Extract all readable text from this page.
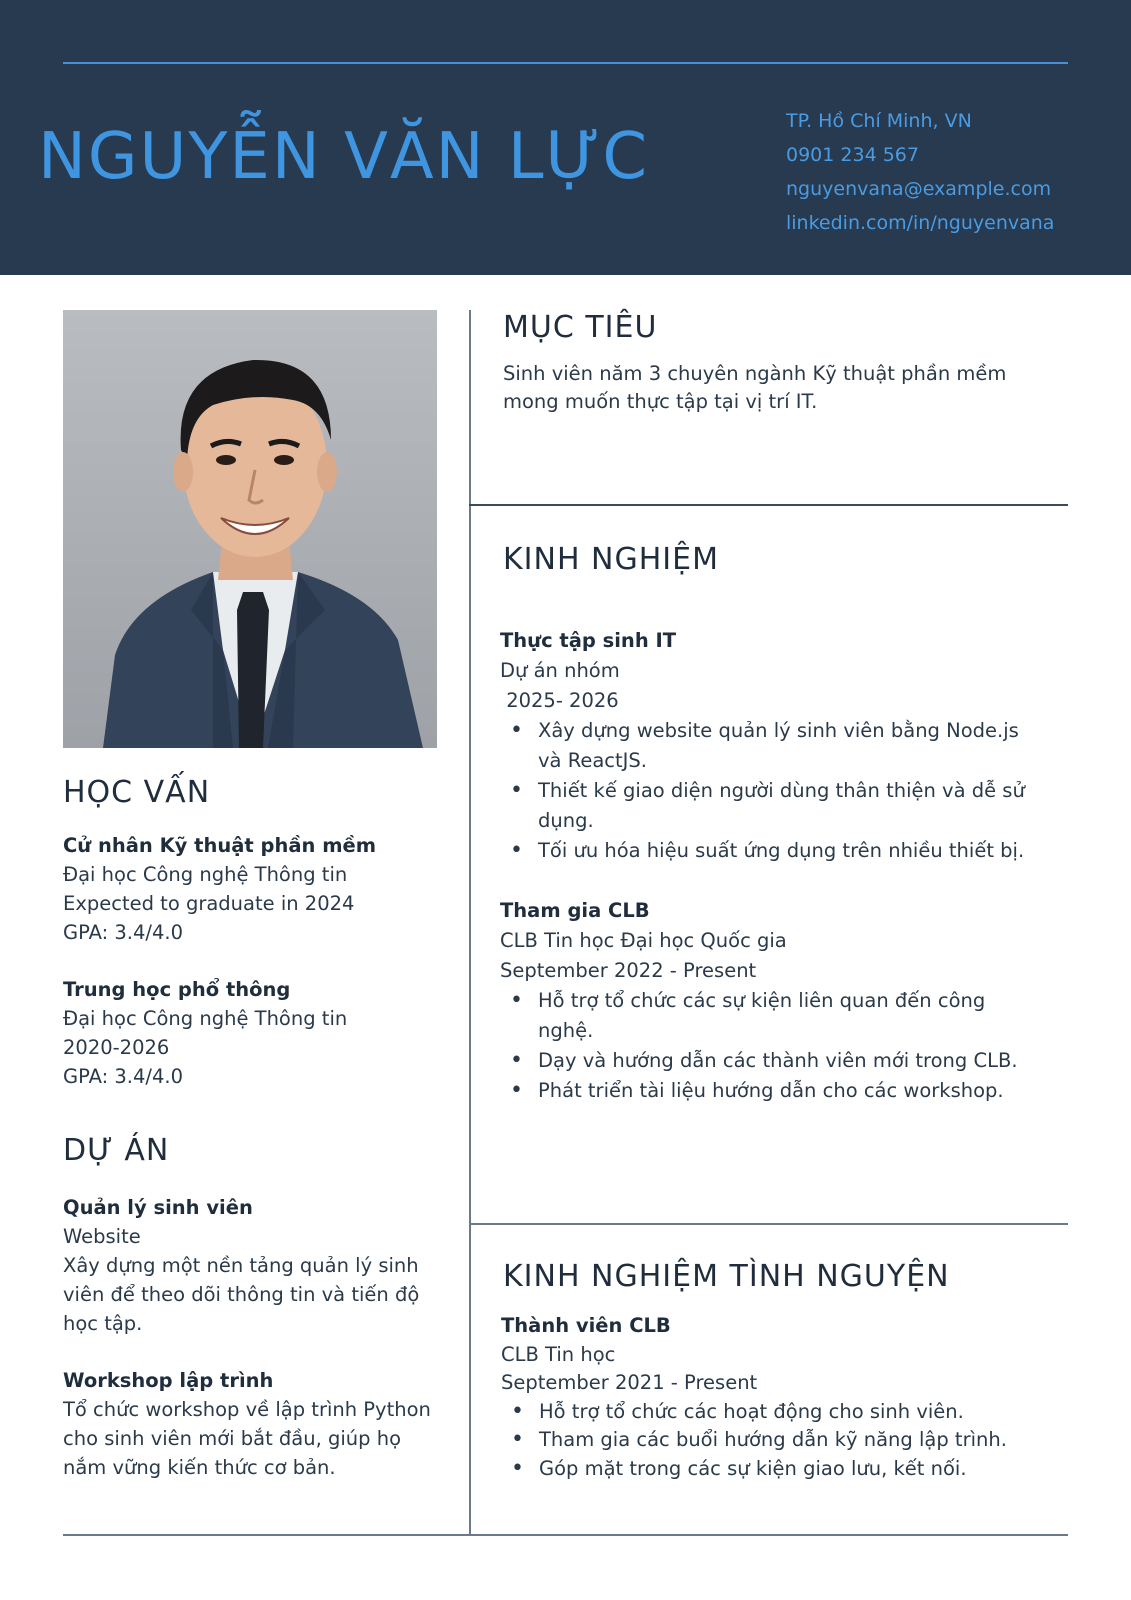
NGUYỄN VĂN LỰC	TP. Hồ Chí Minh, VN
0901 234 567
nguyenvana@example.com
linkedin.com/in/nguyenvana
HỌC VẤN
Cử nhân Kỹ thuật phần mềm
Đại học Công nghệ Thông tin
Expected to graduate in 2024
GPA: 3.4/4.0
Trung học phổ thông
Đại học Công nghệ Thông tin
2020-2026
GPA: 3.4/4.0
DỰ ÁN
Quản lý sinh viên
Website
Xây dựng một nền tảng quản lý sinh viên để theo dõi thông tin và tiến độ học tập.
Workshop lập trình
Tổ chức workshop về lập trình Python cho sinh viên mới bắt đầu, giúp họ nắm vững kiến thức cơ bản.
MỤC TIÊU
Sinh viên năm 3 chuyên ngành Kỹ thuật phần mềm mong muốn thực tập tại vị trí IT.
KINH NGHIỆM
Thực tập sinh IT
Dự án nhóm
2025- 2026
• Xây dựng website quản lý sinh viên bằng Node.js và ReactJS.
• Thiết kế giao diện người dùng thân thiện và dễ sử dụng.
• Tối ưu hóa hiệu suất ứng dụng trên nhiều thiết bị.
Tham gia CLB
CLB Tin học Đại học Quốc gia
September 2022 - Present
• Hỗ trợ tổ chức các sự kiện liên quan đến công nghệ.
• Dạy và hướng dẫn các thành viên mới trong CLB.
• Phát triển tài liệu hướng dẫn cho các workshop.
KINH NGHIỆM TÌNH NGUYỆN
Thành viên CLB
CLB Tin học
September 2021 - Present
• Hỗ trợ tổ chức các hoạt động cho sinh viên.
• Tham gia các buổi hướng dẫn kỹ năng lập trình.
• Góp mặt trong các sự kiện giao lưu, kết nối.
